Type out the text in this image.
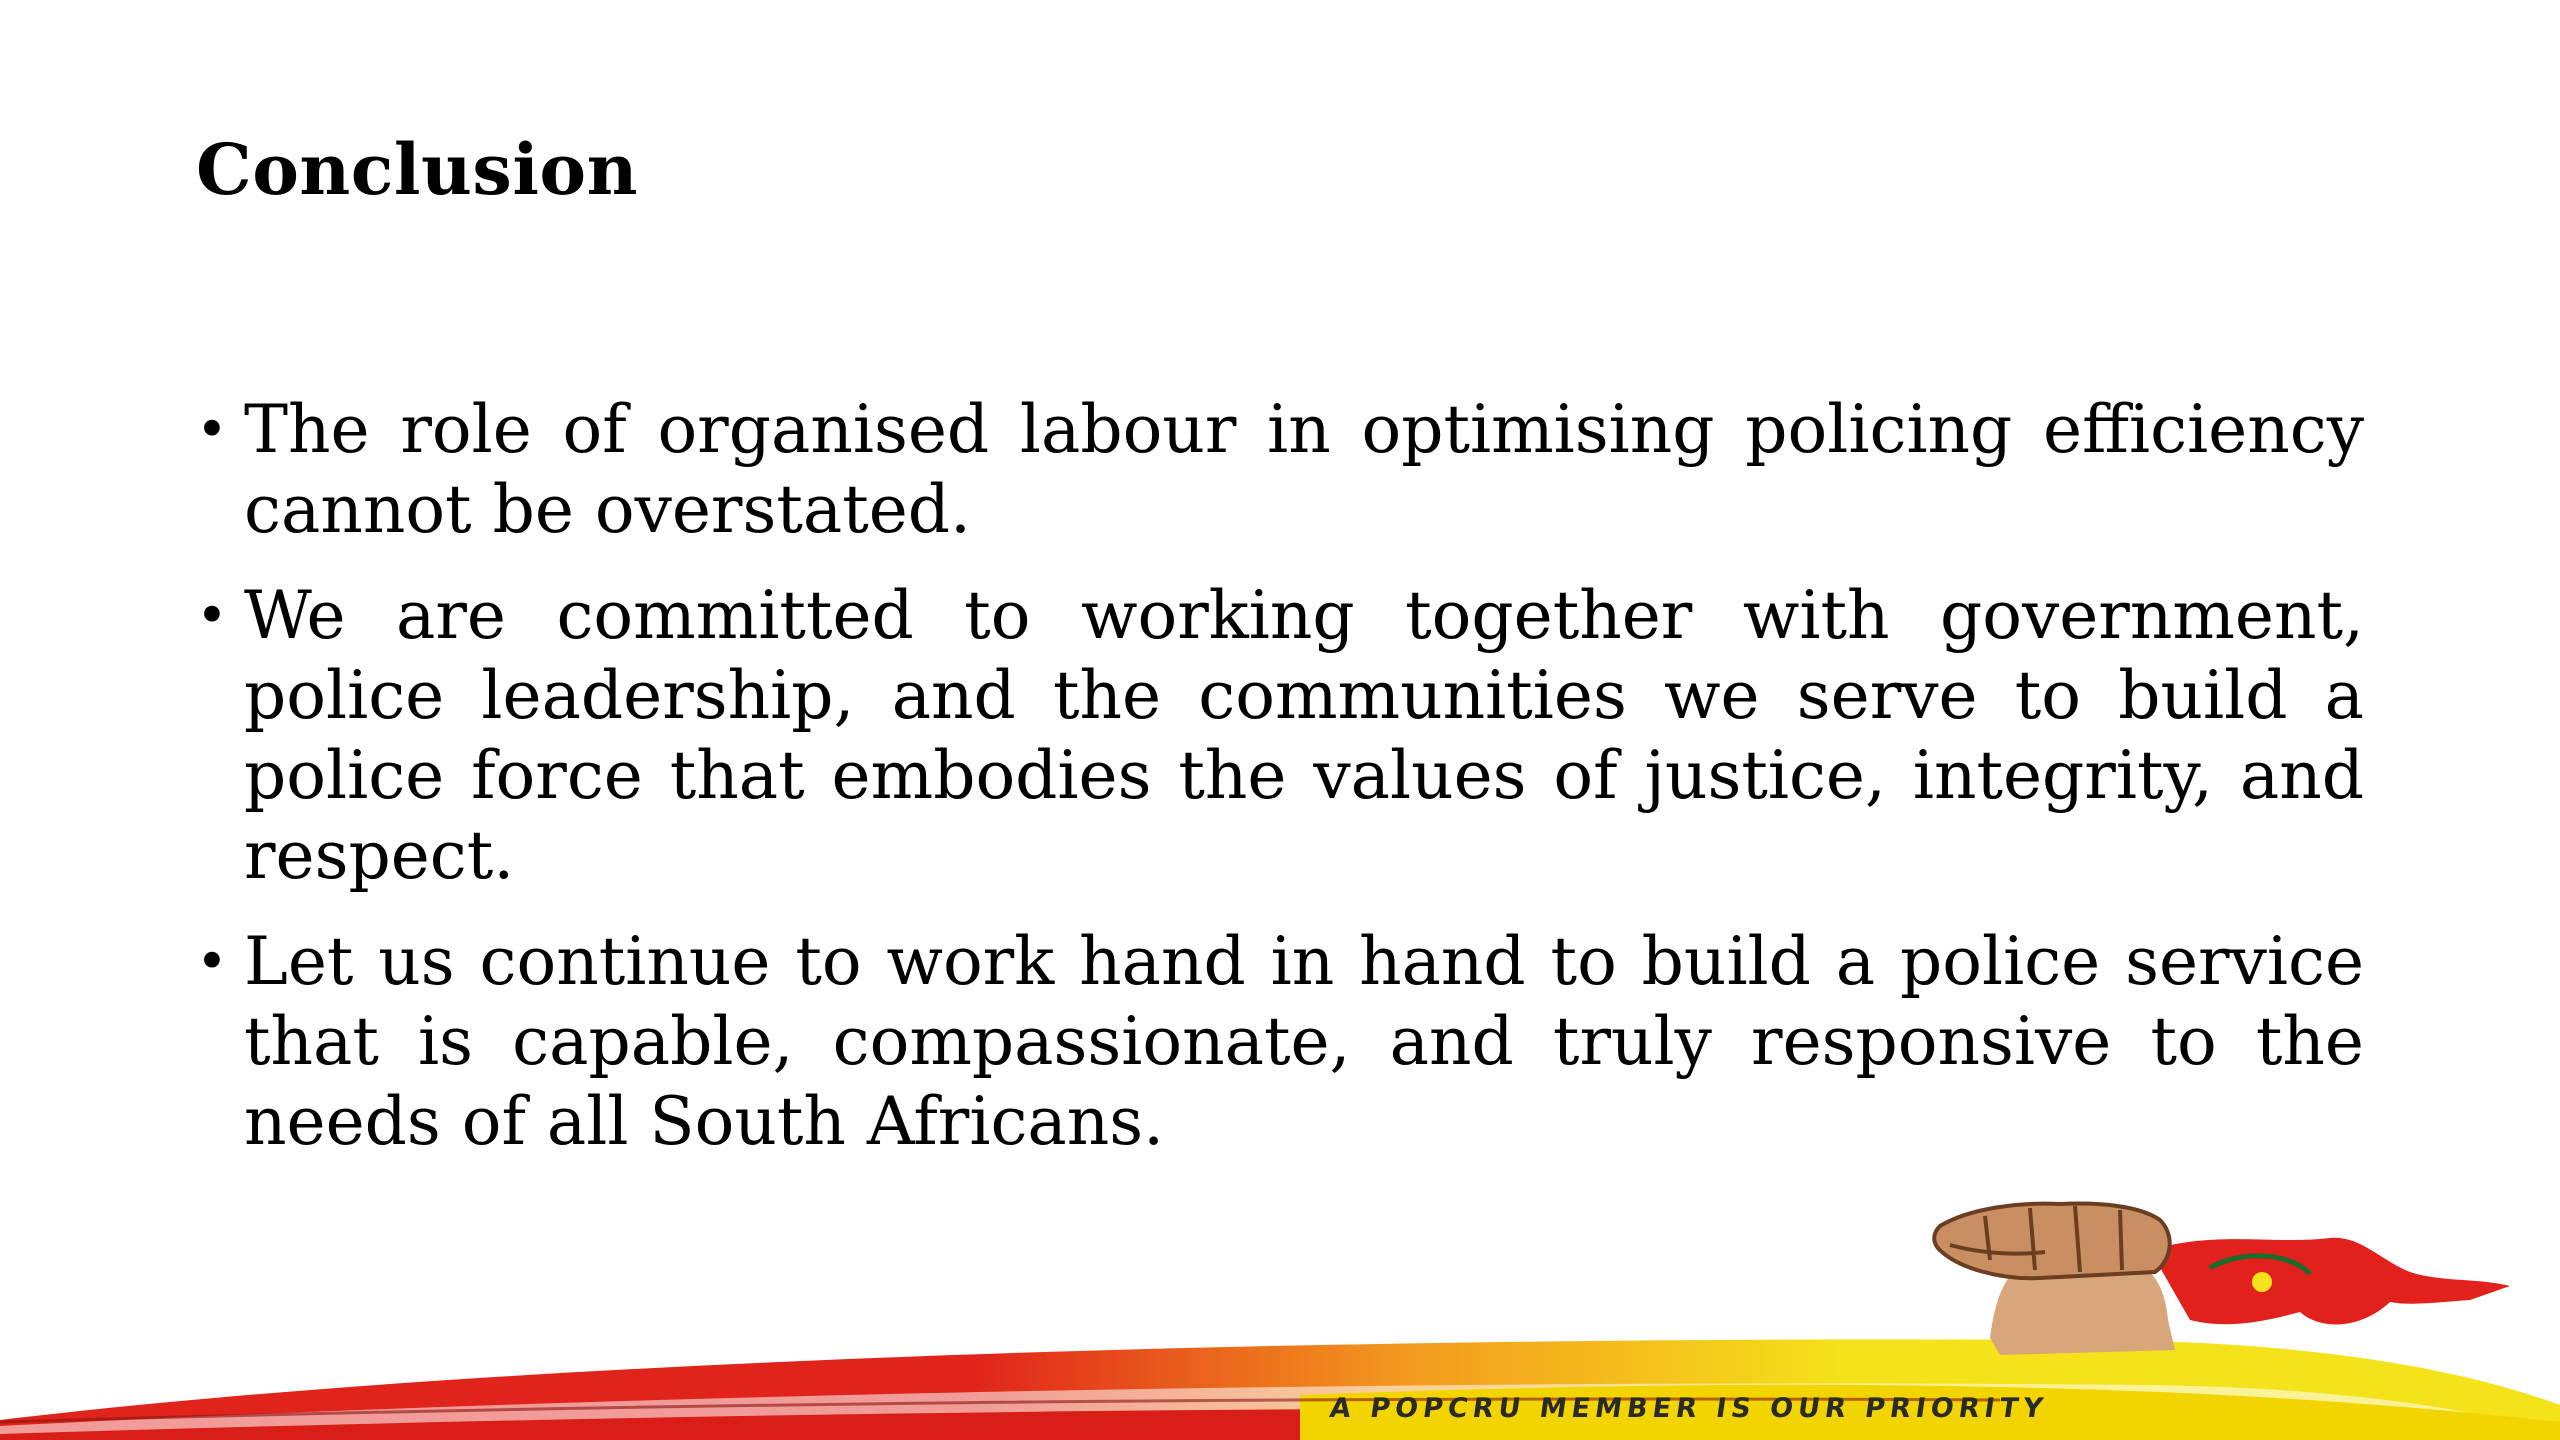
Conclusion
• The role of organised labour in optimising policing efficiency cannot be overstated.
• We are committed to working together with government, police leadership, and the communities we serve to build a police force that embodies the values of justice, integrity, and respect.
• Let us continue to work hand in hand to build a police service that is capable, compassionate, and truly responsive to the needs of all South Africans.
A POPCRU MEMBER IS OUR PRIORITY
